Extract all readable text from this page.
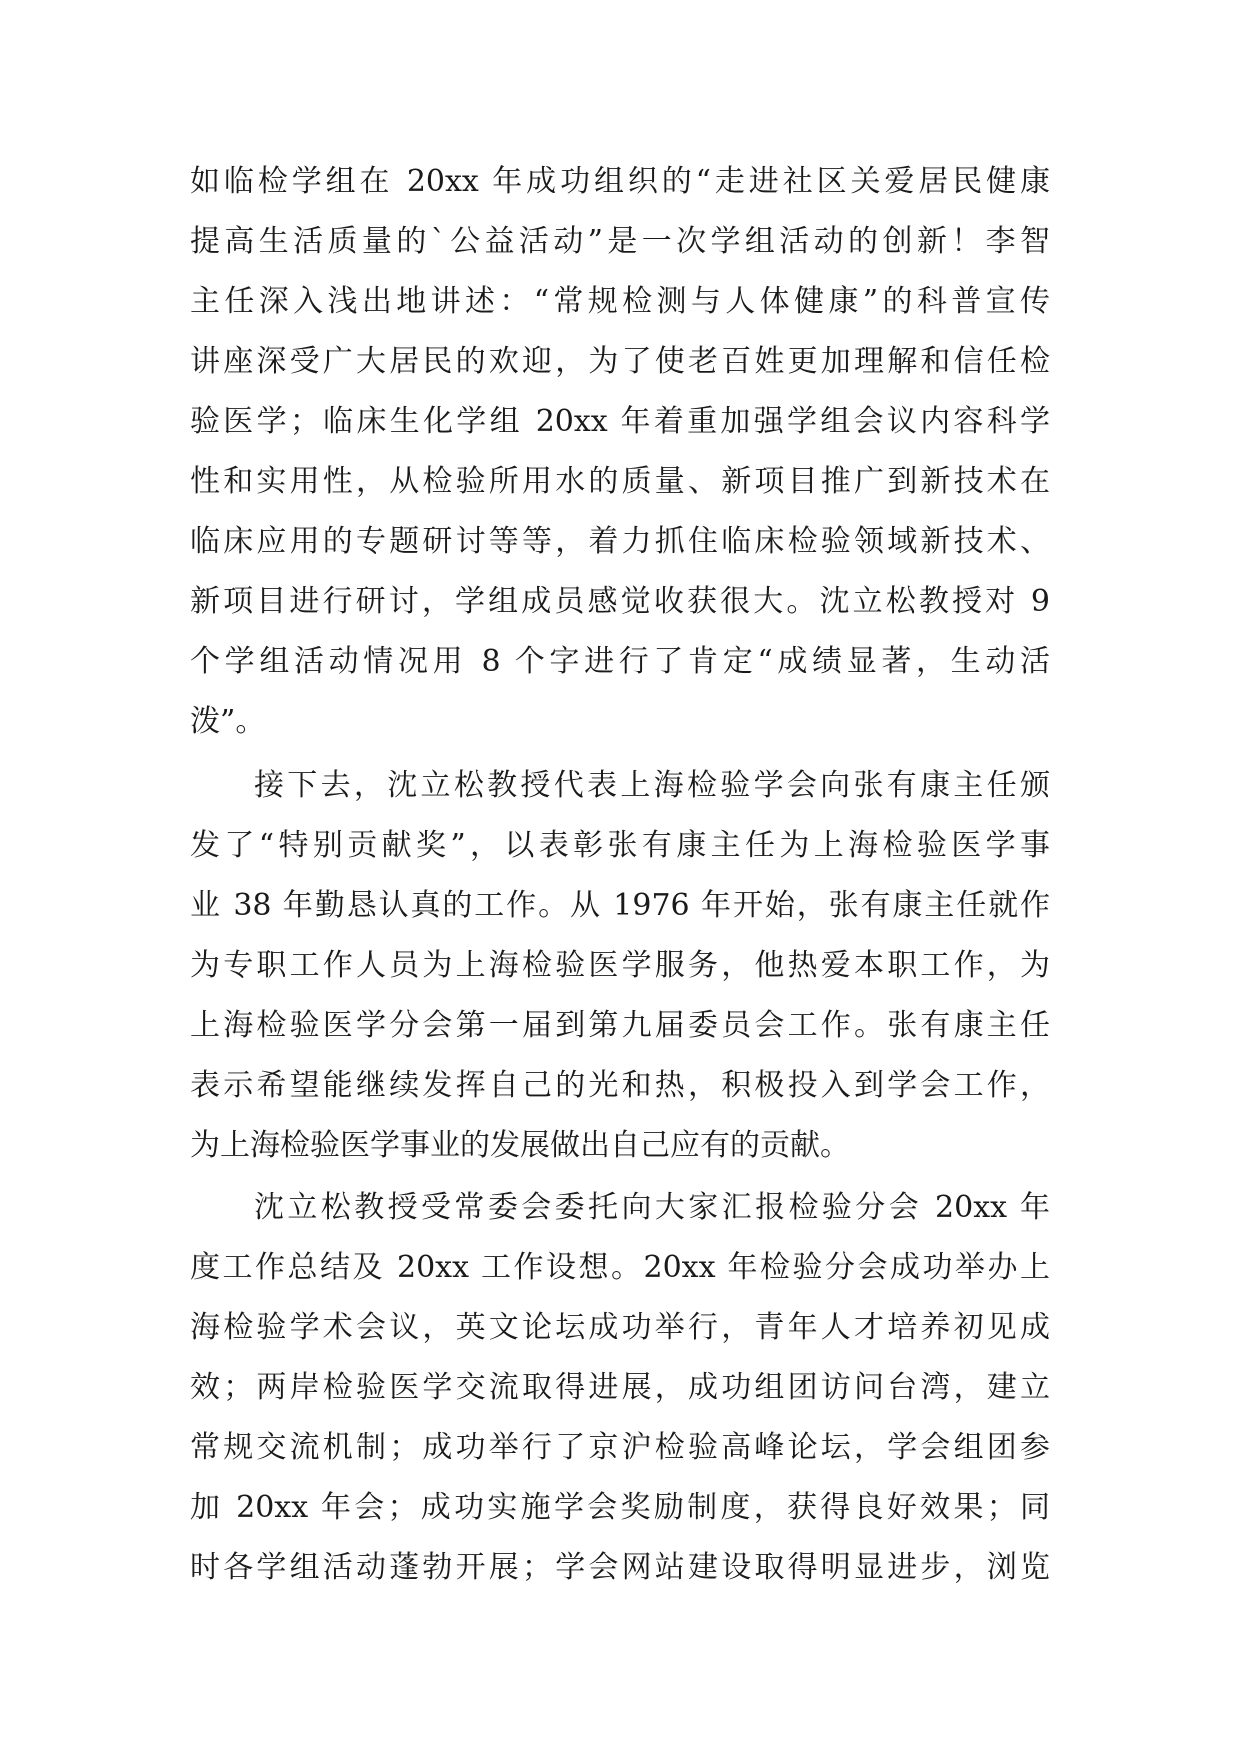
如临检学组在 20xx 年成功组织的“走进社区关爱居民健康
提高生活质量的`公益活动”是一次学组活动的创新！李智
主任深入浅出地讲述：“常规检测与人体健康”的科普宣传
讲座深受广大居民的欢迎，为了使老百姓更加理解和信任检
验医学；临床生化学组 20xx 年着重加强学组会议内容科学
性和实用性，从检验所用水的质量、新项目推广到新技术在
临床应用的专题研讨等等，着力抓住临床检验领域新技术、
新项目进行研讨，学组成员感觉收获很大。沈立松教授对 9
个学组活动情况用 8 个字进行了肯定“成绩显著，生动活
泼”。
接下去，沈立松教授代表上海检验学会向张有康主任颁
发了“特别贡献奖”，以表彰张有康主任为上海检验医学事
业 38 年勤恳认真的工作。从 1976 年开始，张有康主任就作
为专职工作人员为上海检验医学服务，他热爱本职工作，为
上海检验医学分会第一届到第九届委员会工作。张有康主任
表示希望能继续发挥自己的光和热，积极投入到学会工作，
为上海检验医学事业的发展做出自己应有的贡献。
沈立松教授受常委会委托向大家汇报检验分会 20xx 年
度工作总结及 20xx 工作设想。20xx 年检验分会成功举办上
海检验学术会议，英文论坛成功举行，青年人才培养初见成
效；两岸检验医学交流取得进展，成功组团访问台湾，建立
常规交流机制；成功举行了京沪检验高峰论坛，学会组团参
加 20xx 年会；成功实施学会奖励制度，获得良好效果；同
时各学组活动蓬勃开展；学会网站建设取得明显进步，浏览
